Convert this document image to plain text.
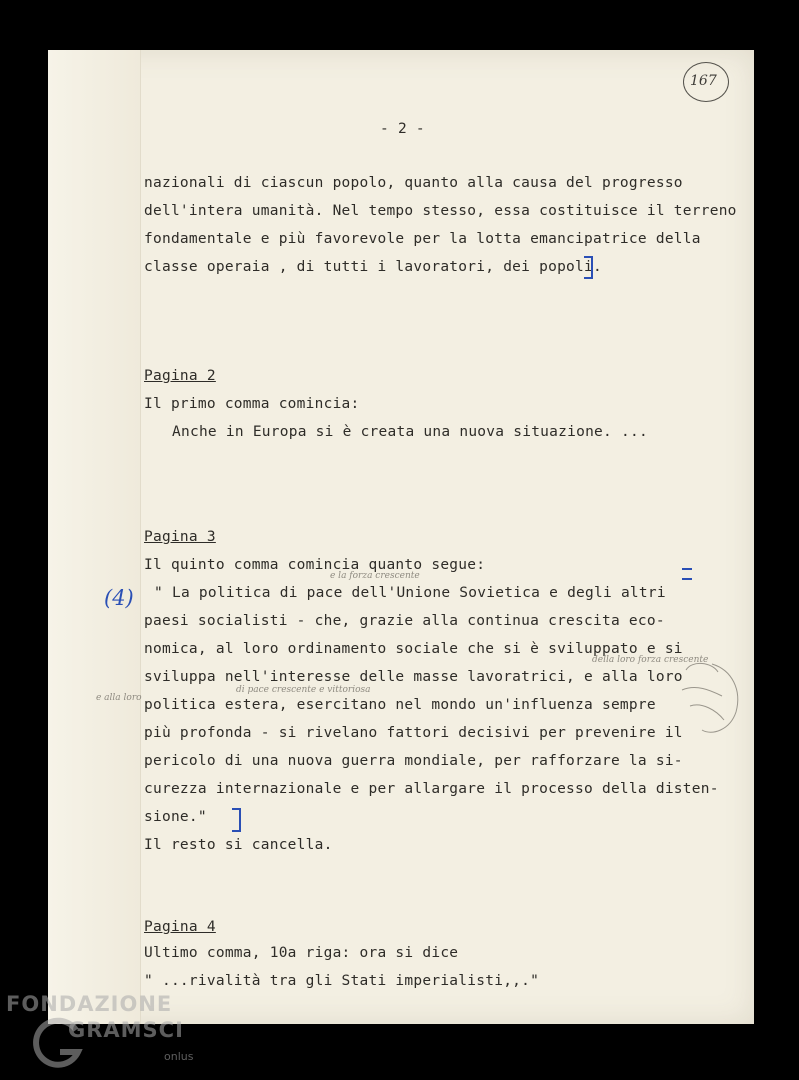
167
- 2 -
nazionali di ciascun popolo, quanto alla causa del progresso
dell'intera umanità. Nel tempo stesso, essa costituisce il terreno
fondamentale e più favorevole per la lotta emancipatrice della
classe operaia , di tutti i lavoratori, dei popoli.
Pagina 2
Il primo comma comincia:
Anche in Europa si è creata una nuova situazione. ...
Pagina 3
Il quinto comma comincia quanto segue:
(4)
e la forza crescente
" La politica di pace dell'Unione Sovietica e degli altri
paesi socialisti - che, grazie alla continua crescita eco-
nomica, al loro ordinamento sociale che si è sviluppato e si
della loro forza crescente
sviluppa nell'interesse delle masse lavoratrici, e alla loro
e alla loro
di pace crescente e vittoriosa
politica estera, esercitano nel mondo un'influenza sempre
più profonda - si rivelano fattori decisivi per prevenire il
pericolo di una nuova guerra mondiale, per rafforzare la si-
curezza internazionale e per allargare il processo della disten-
sione."
Il resto si cancella.
Pagina 4
Ultimo comma, 10a riga: ora si dice
" ...rivalità tra gli Stati imperialisti,,."
FONDAZIONE
GRAMSCI
onlus
